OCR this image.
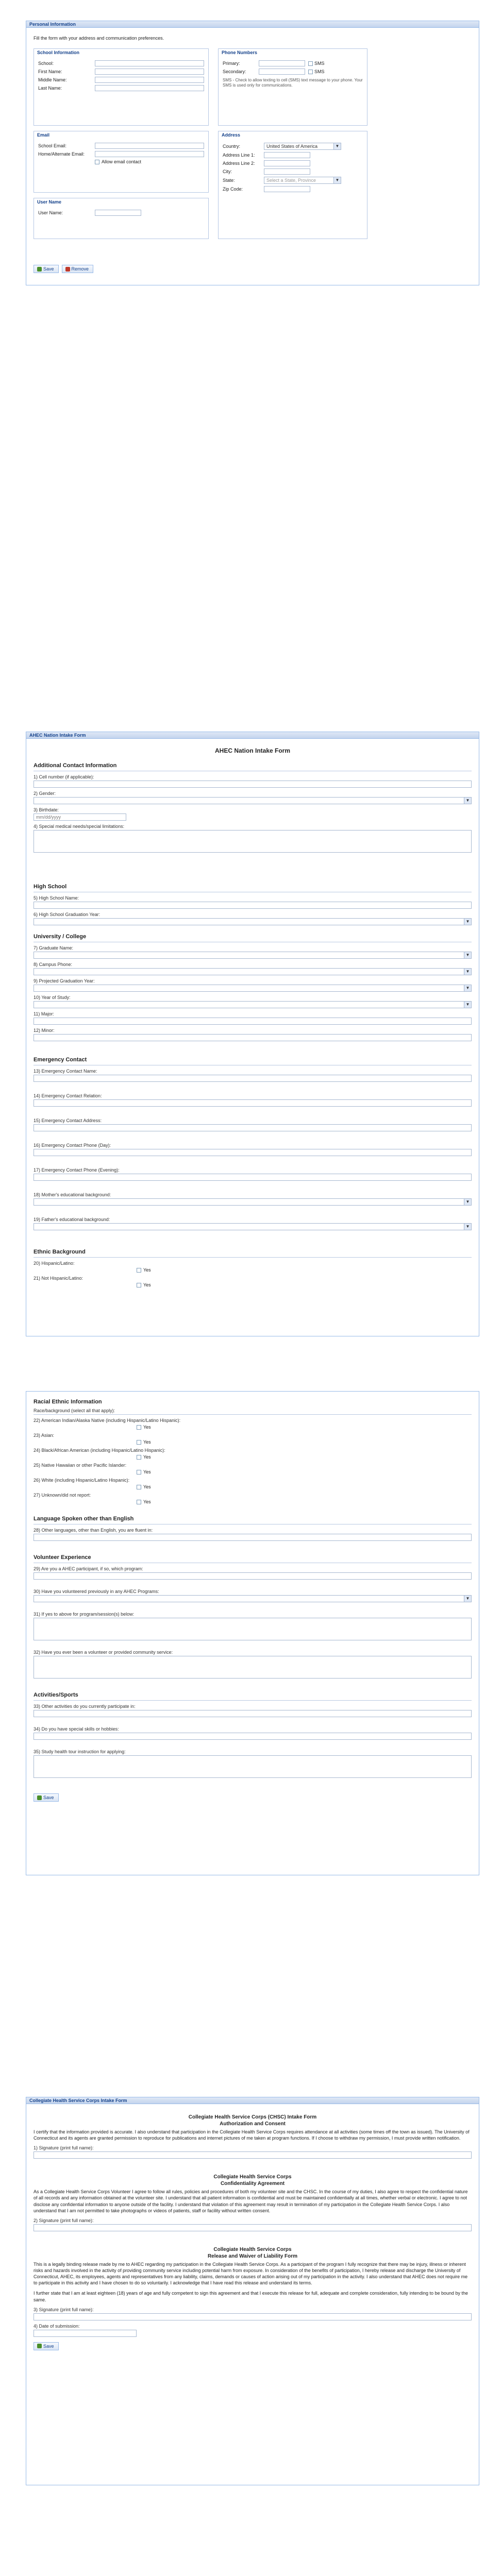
Personal Information
Fill the form with your address and communication preferences.
School Information
School:
First Name:
Middle Name:
Last Name:
Email
School Email:
Home/Alternate Email:
Allow email contact
User Name
User Name:
Phone Numbers
Primary:	SMS
Secondary:	SMS
SMS - Check to allow texting to cell (SMS) text message to your phone. Your SMS is used only for communications.
Address
Country:	United States of America	▼
Address Line 1:
Address Line 2:
City:
State:	Select a State, Province	▼
Zip Code:
Save	Remove
AHEC Nation Intake Form
AHEC Nation Intake Form
Additional Contact Information
1) Cell number (if applicable):
2) Gender:
▼
3) Birthdate:
mm/dd/yyyy
4) Special medical needs/special limitations:
High School
5) High School Name:
6) High School Graduation Year:
▼
University / College
7) Graduate Name:
▼
8) Campus Phone:
▼
9) Projected Graduation Year:
▼
10) Year of Study:
▼
11) Major:
12) Minor:
Emergency Contact
13) Emergency Contact Name:
14) Emergency Contact Relation:
15) Emergency Contact Address:
16) Emergency Contact Phone (Day):
17) Emergency Contact Phone (Evening):
18) Mother's educational background:
▼
19) Father's educational background:
▼
Ethnic Background
20) Hispanic/Latino:
Yes
21) Not Hispanic/Latino:
Yes
Racial Ethnic Information
Race/background (select all that apply):
22) American Indian/Alaska Native (including Hispanic/Latino Hispanic):
Yes
23) Asian:
Yes
24) Black/African American (including Hispanic/Latino Hispanic):
Yes
25) Native Hawaiian or other Pacific Islander:
Yes
26) White (including Hispanic/Latino Hispanic):
Yes
27) Unknown/did not report:
Yes
Language Spoken other than English
28) Other languages, other than English, you are fluent in:
Volunteer Experience
29) Are you a AHEC participant, if so, which program:
30) Have you volunteered previously in any AHEC Programs:
▼
31) If yes to above for program/session(s) below:
32) Have you ever been a volunteer or provided community service:
Activities/Sports
33) Other activities do you currently participate in:
34) Do you have special skills or hobbies:
35) Study health tour instruction for applying:
Save
Collegiate Health Service Corps Intake Form
Collegiate Health Service Corps (CHSC) Intake Form
Authorization and Consent
I certify that the information provided is accurate. I also understand that participation in the Collegiate Health Service Corps requires attendance at all activities (some times off the town as issued). The University of Connecticut and its agents are granted permission to reproduce for publications and internet pictures of me taken at program functions. If I choose to withdraw my permission, I must provide written notification.
1) Signature (print full name):
Collegiate Health Service Corps
Confidentiality Agreement
As a Collegiate Health Service Corps Volunteer I agree to follow all rules, policies and procedures of both my volunteer site and the CHSC. In the course of my duties, I also agree to respect the confidential nature of all records and any information obtained at the volunteer site. I understand that all patient information is confidential and must be maintained confidentially at all times, whether verbal or electronic. I agree to not disclose any confidential information to anyone outside of the facility. I understand that violation of this agreement may result in termination of my participation in the Collegiate Health Service Corps. I also understand that I am not permitted to take photographs or videos of patients, staff or facility without written consent.
2) Signature (print full name):
Collegiate Health Service Corps
Release and Waiver of Liability Form
This is a legally binding release made by me to AHEC regarding my participation in the Collegiate Health Service Corps. As a participant of the program I fully recognize that there may be injury, illness or inherent risks and hazards involved in the activity of providing community service including potential harm from exposure. In consideration of the benefits of participation, I hereby release and discharge the University of Connecticut, AHEC, its employees, agents and representatives from any liability, claims, demands or causes of action arising out of my participation in the activity. I also understand that AHEC does not require me to participate in this activity and I have chosen to do so voluntarily. I acknowledge that I have read this release and understand its terms.
I further state that I am at least eighteen (18) years of age and fully competent to sign this agreement and that I execute this release for full, adequate and complete consideration, fully intending to be bound by the same.
3) Signature (print full name):
4) Date of submission:
Save
